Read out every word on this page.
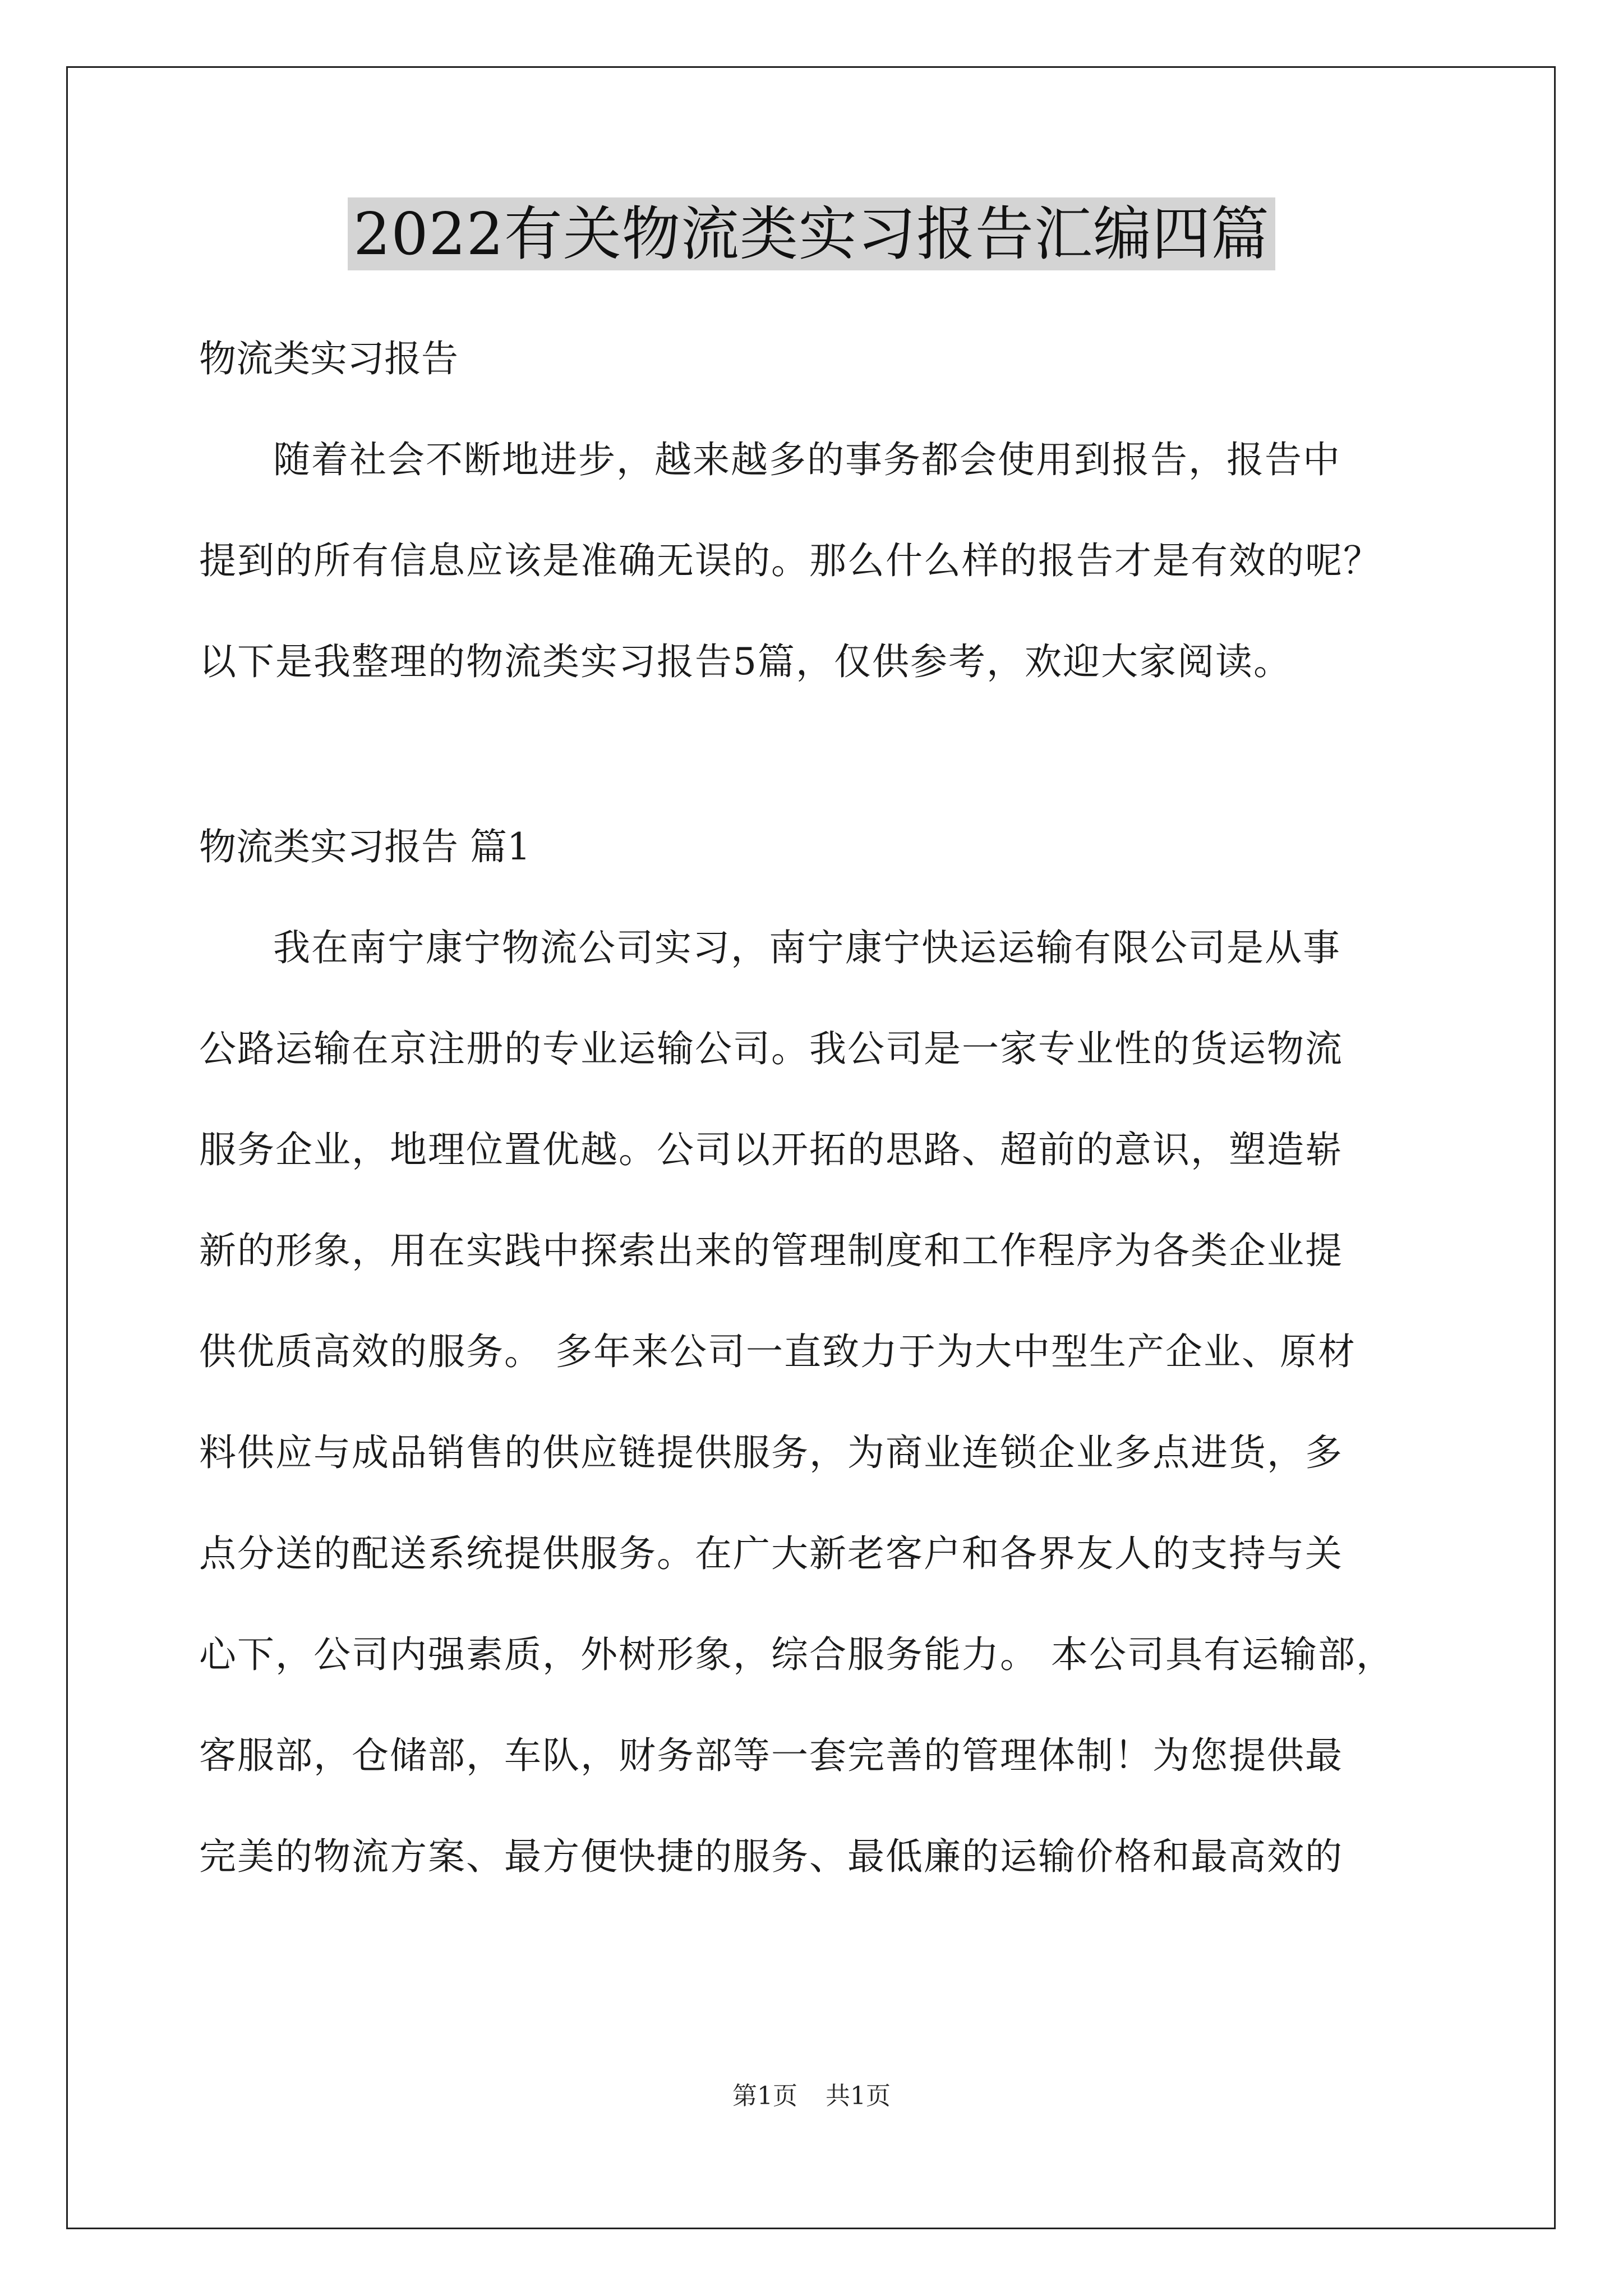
2022有关物流类实习报告汇编四篇

物流类实习报告

随着社会不断地进步，越来越多的事务都会使用到报告，报告中
提到的所有信息应该是准确无误的。那么什么样的报告才是有效的呢？
以下是我整理的物流类实习报告5篇，仅供参考，欢迎大家阅读。

物流类实习报告 篇1

我在南宁康宁物流公司实习，南宁康宁快运运输有限公司是从事
公路运输在京注册的专业运输公司。我公司是一家专业性的货运物流
服务企业，地理位置优越。公司以开拓的思路、超前的意识，塑造崭
新的形象，用在实践中探索出来的管理制度和工作程序为各类企业提
供优质高效的服务。 多年来公司一直致力于为大中型生产企业、原材
料供应与成品销售的供应链提供服务，为商业连锁企业多点进货，多
点分送的配送系统提供服务。在广大新老客户和各界友人的支持与关
心下，公司内强素质，外树形象，综合服务能力。 本公司具有运输部，
客服部，仓储部，车队，财务部等一套完善的管理体制！为您提供最
完美的物流方案、最方便快捷的服务、最低廉的运输价格和最高效的
第1页 共1页
